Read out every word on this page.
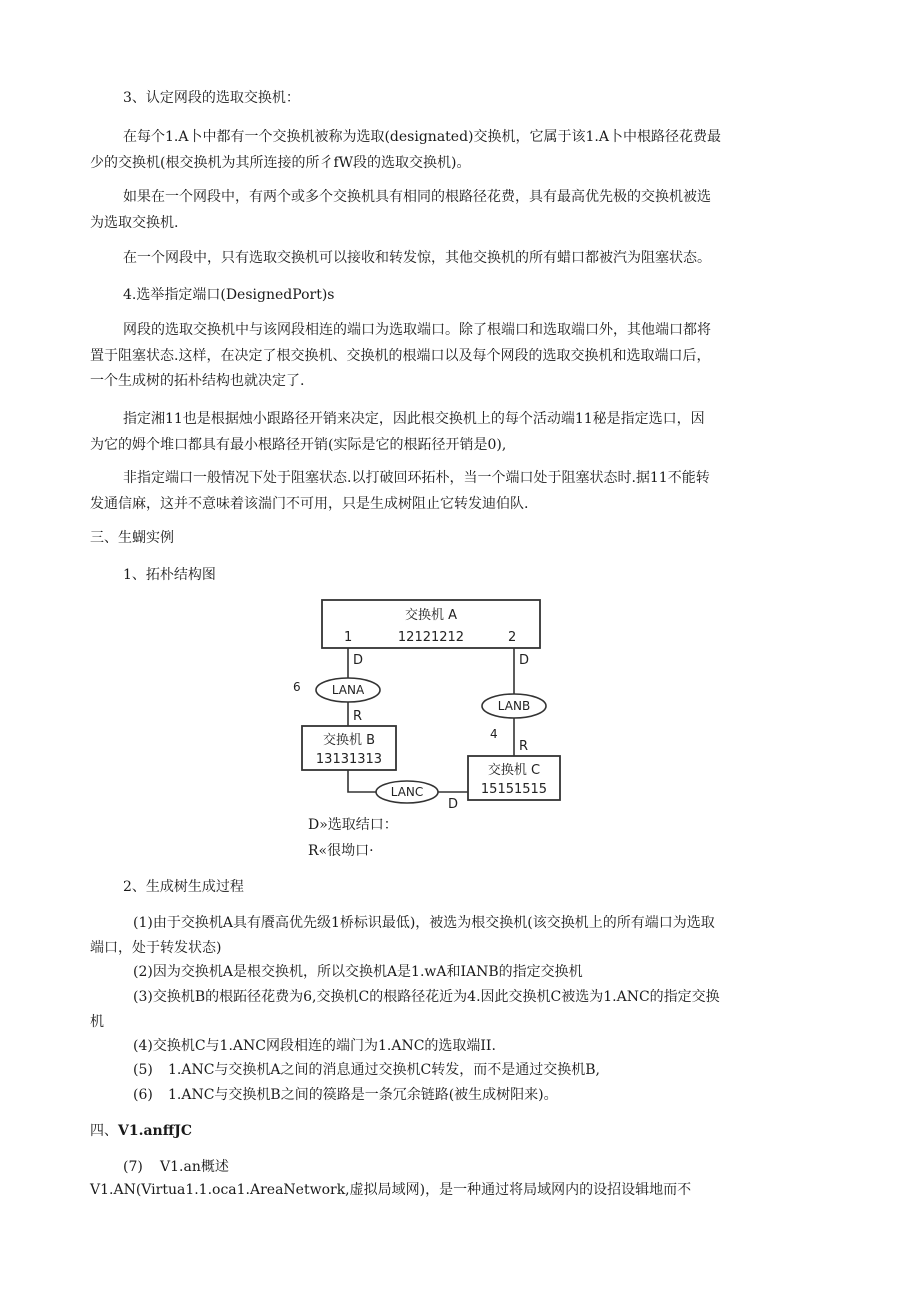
3、认定网段的选取交换机：
在每个1.A卜中都有一个交换机被称为选取(designated)交换机，它属于该1.A卜中根路径花费最
少的交换机(根交换机为其所连接的所彳fW段的选取交换机)。
如果在一个网段中，有两个或多个交换机具有相同的根路径花费，具有最高优先极的交换机被选
为选取交换机.
在一个网段中，只有选取交换机可以接收和转发惊，其他交换机的所有蜡口都被汽为阻塞状态。
4.选举指定端口(DesignedPort)s
网段的选取交换机中与该网段相连的端口为选取端口。除了根端口和选取端口外，其他端口都将
置于阻塞状态.这样，在决定了根交换机、交换机的根端口以及每个网段的选取交换机和选取端口后，
一个生成树的拓朴结构也就决定了.
指定湘11也是根据烛小跟路径开销来决定，因此根交换机上的每个活动端11秘是指定选口，因
为它的姆个堆口都具有最小根路径开销(实际是它的根跖径开销是0),
非指定端口一般情况下处于阻塞状态.以打破回环拓朴，当一个端口处于阻塞状态时.据11不能转
发通信麻，这并不意味着该湍门不可用，只是生成树阻止它转发迪伯队.
三、生蝴实例
1、拓朴结构图
交换机 A
12121212
1	2
D	D
LANA
6
R
LANB
4
R
交换机 B
13131313
交换机 C
15151515
LANC
D
D»选取结口：
R«很坳口·
2、生成树生成过程
(1)由于交换机A具有餍高优先级1桥标识最低)，被选为根交换机(该交换机上的所有端口为选取
端口，处于转发状态)
(2)因为交换机A是根交换机，所以交换机A是1.wA和IANB的指定交换机
(3)交换机B的根跖径花费为6,交换机C的根路径花近为4.因此交换机C被选为1.ANC的指定交换
机
(4)交换机C与1.ANC网段相连的端门为1.ANC的选取端II.
(5) 1.ANC与交换机A之间的消息通过交换机C转发，而不是通过交换机B,
(6) 1.ANC与交换机B之间的篌路是一条冗余链路(被生成树阳来)。
四、V1.anffJC
(7) V1.an概述
V1.AN(Virtua1.1.oca1.AreaNetwork,虚拟局域网)，是一种通过将局域网内的设招设辑地而不
